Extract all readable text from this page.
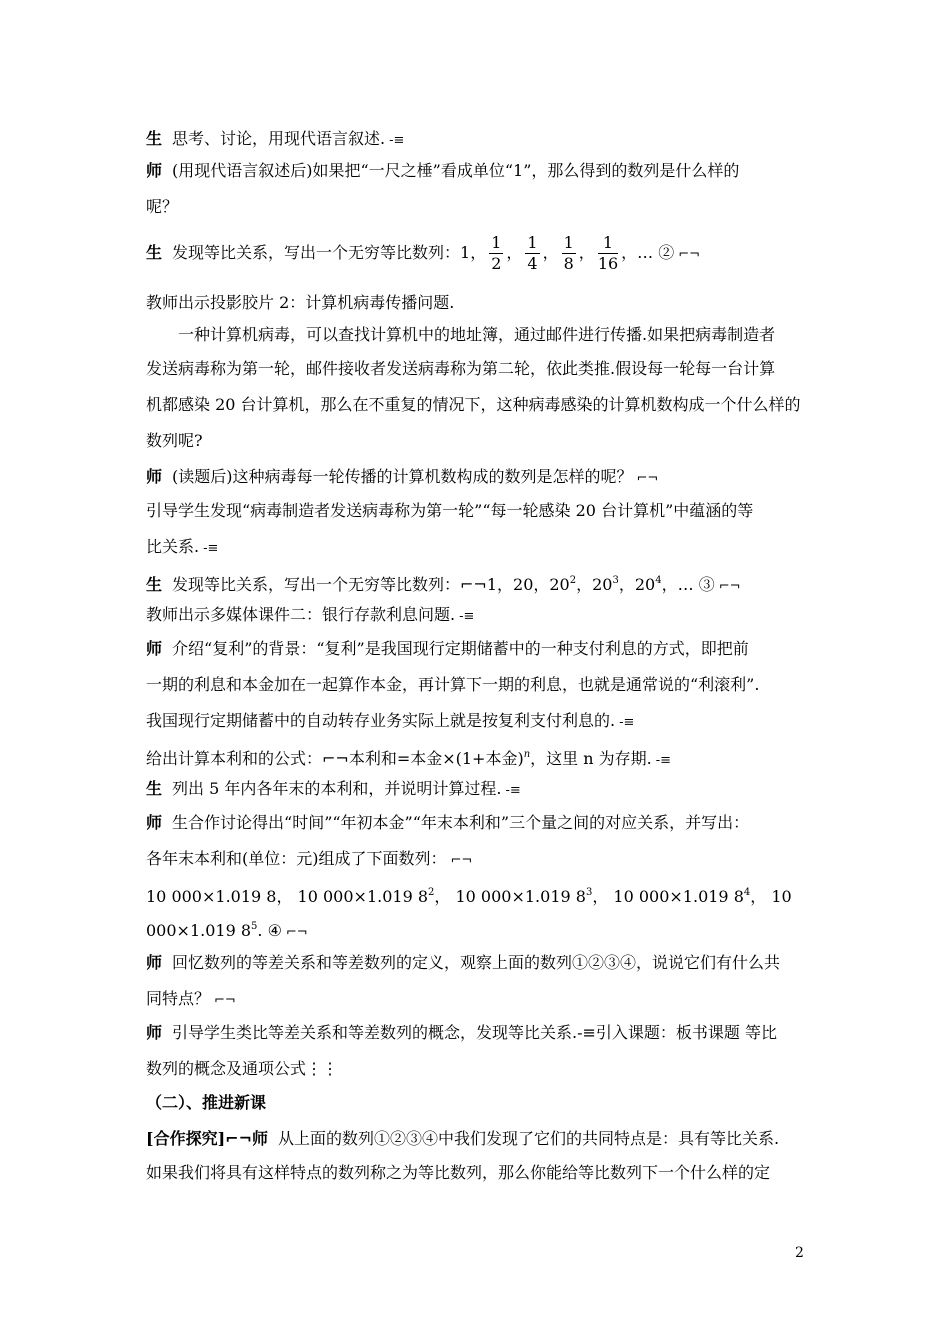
生 思考、讨论，用现代语言叙述. -≡
师 (用现代语言叙述后)如果把“一尺之棰”看成单位“1”，那么得到的数列是什么样的
呢？
生 发现等比关系，写出一个无穷等比数列：1， $\frac{1}{2}$ ， $\frac{1}{4}$ ， $\frac{1}{8}$ ， $\frac{1}{16}$ ，… ② ⌐¬
教师出示投影胶片 2：计算机病毒传播问题.
一种计算机病毒，可以查找计算机中的地址簿，通过邮件进行传播.如果把病毒制造者
发送病毒称为第一轮，邮件接收者发送病毒称为第二轮，依此类推.假设每一轮每一台计算
机都感染 20 台计算机，那么在不重复的情况下，这种病毒感染的计算机数构成一个什么样的
数列呢?
师 (读题后)这种病毒每一轮传播的计算机数构成的数列是怎样的呢？ ⌐¬
引导学生发现“病毒制造者发送病毒称为第一轮”“每一轮感染 20 台计算机”中蕴涵的等
比关系. -≡
生 发现等比关系，写出一个无穷等比数列：⌐¬1，20，$20^2$，$20^3$，$20^4$，… ③ ⌐¬
教师出示多媒体课件二：银行存款利息问题. -≡
师 介绍“复利”的背景：“复利”是我国现行定期储蓄中的一种支付利息的方式，即把前
一期的利息和本金加在一起算作本金，再计算下一期的利息，也就是通常说的“利滚利”.
我国现行定期储蓄中的自动转存业务实际上就是按复利支付利息的. -≡
给出计算本利和的公式：⌐¬本利和=本金×(1+本金)$^n$，这里 n 为存期. -≡
生 列出 5 年内各年末的本利和，并说明计算过程. -≡
师 生合作讨论得出“时间”“年初本金”“年末本利和”三个量之间的对应关系，并写出：
各年末本利和(单位：元)组成了下面数列： ⌐¬
10 000×1.019 8， 10 000×1.019 $8^2$， 10 000×1.019 $8^3$， 10 000×1.019 $8^4$， 10
000×1.019 $8^5$. ④ ⌐¬
师 回忆数列的等差关系和等差数列的定义，观察上面的数列①②③④，说说它们有什么共
同特点？ ⌐¬
师 引导学生类比等差关系和等差数列的概念，发现等比关系.-≡引入课题：板书课题 等比
数列的概念及通项公式⋮⋮
（二）、推进新课
[合作探究]⌐¬师 从上面的数列①②③④中我们发现了它们的共同特点是：具有等比关系.
如果我们将具有这样特点的数列称之为等比数列，那么你能给等比数列下一个什么样的定
2
